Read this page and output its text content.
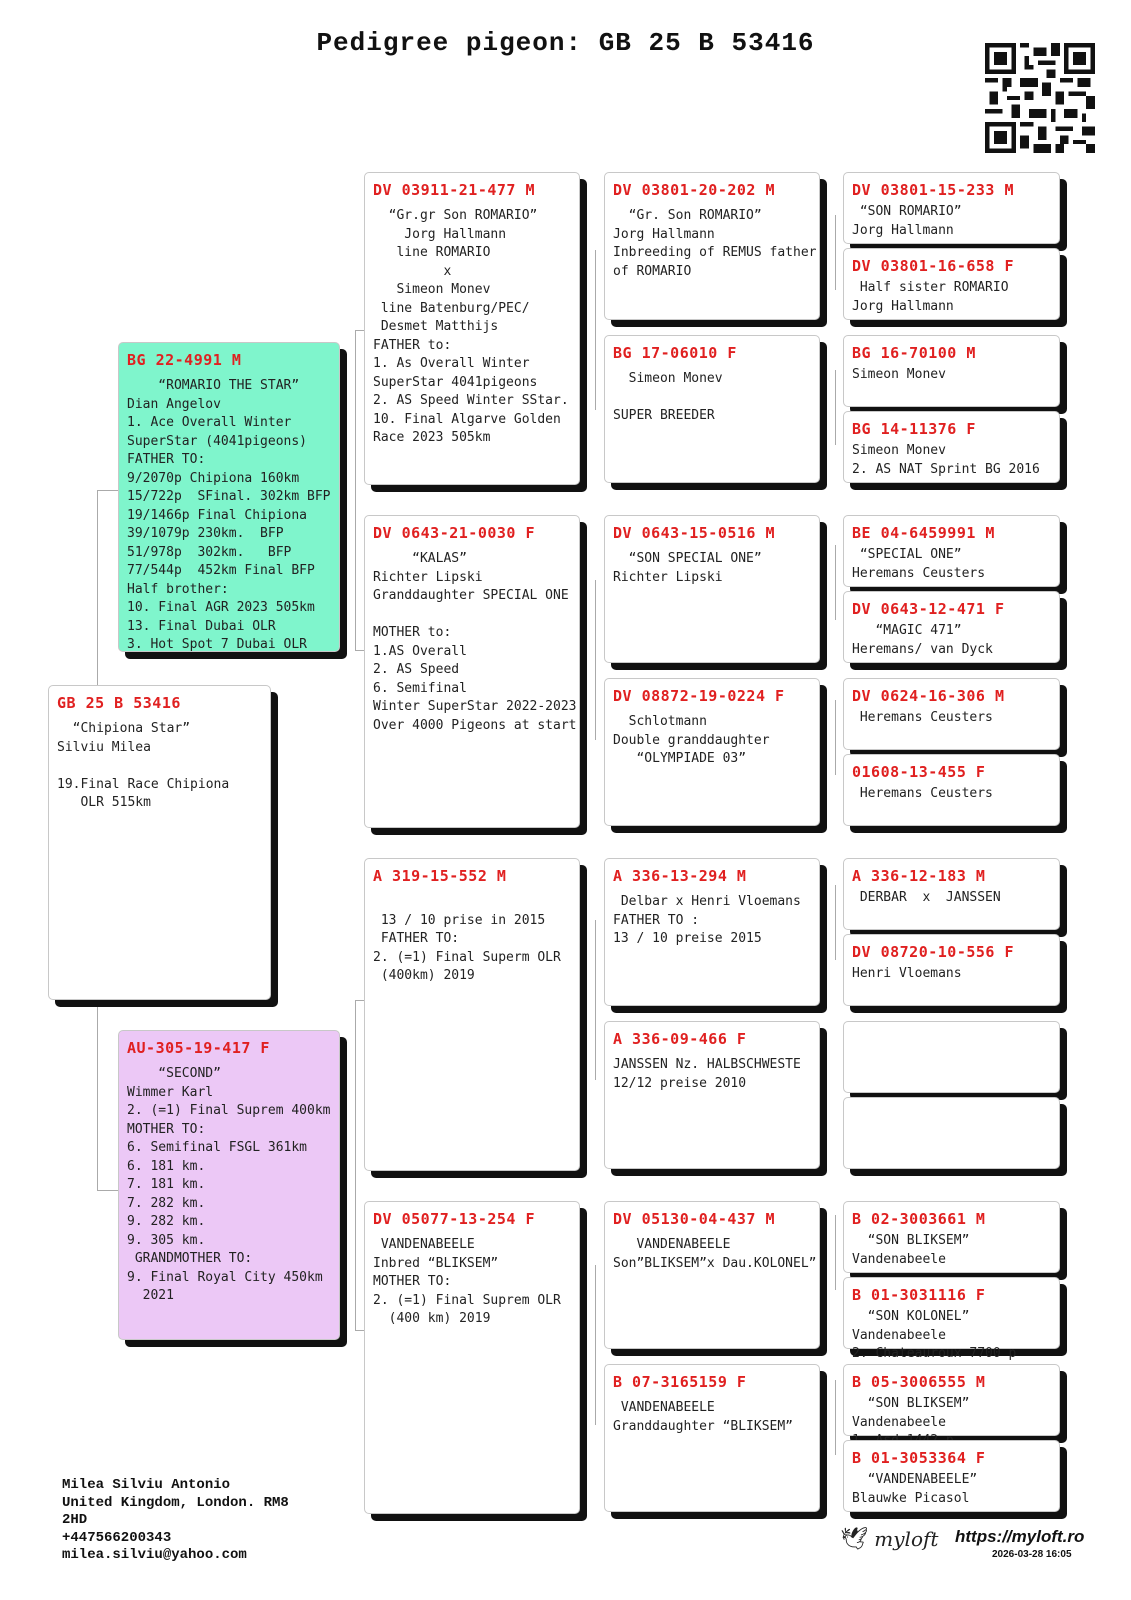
Pedigree pigeon: GB 25 B 53416
GB 25 B 53416
“Chipiona Star”
Silviu Milea

19.Final Race Chipiona
OLR 515km
BG 22-4991 M
“ROMARIO THE STAR”
Dian Angelov
1. Ace Overall Winter
SuperStar (4041pigeons)
FATHER TO:
9/2070p Chipiona 160km
15/722p  SFinal. 302km BFP
19/1466p Final Chipiona
39/1079p 230km.  BFP
51/978p  302km.   BFP
77/544p  452km Final BFP
Half brother:
10. Final AGR 2023 505km
13. Final Dubai OLR
3. Hot Spot 7 Dubai OLR
AU-305-19-417 F
“SECOND”
Wimmer Karl
2. (=1) Final Suprem 400km
MOTHER TO:
6. Semifinal FSGL 361km
6. 181 km.
7. 181 km.
7. 282 km.
9. 282 km.
9. 305 km.
GRANDMOTHER TO:
9. Final Royal City 450km
2021
DV 03911-21-477 M
“Gr.gr Son ROMARIO”
Jorg Hallmann
line ROMARIO
x
Simeon Monev
line Batenburg/PEC/
Desmet Matthijs
FATHER to:
1. As Overall Winter
SuperStar 4041pigeons
2. AS Speed Winter SStar.
10. Final Algarve Golden
Race 2023 505km
DV 0643-21-0030 F
“KALAS”
Richter Lipski
Granddaughter SPECIAL ONE

MOTHER to:
1.AS Overall
2. AS Speed
6. Semifinal
Winter SuperStar 2022-2023
Over 4000 Pigeons at start
A 319-15-552 M

13 / 10 prise in 2015
FATHER TO:
2. (=1) Final Superm OLR
(400km) 2019
DV 05077-13-254 F
VANDENABEELE
Inbred “BLIKSEM”
MOTHER TO:
2. (=1) Final Suprem OLR
(400 km) 2019
DV 03801-20-202 M
“Gr. Son ROMARIO”
Jorg Hallmann
Inbreeding of REMUS father
of ROMARIO
BG 17-06010 F
Simeon Monev

SUPER BREEDER
DV 0643-15-0516 M
“SON SPECIAL ONE”
Richter Lipski
DV 08872-19-0224 F
Schlotmann
Double granddaughter
“OLYMPIADE 03”
A 336-13-294 M
Delbar x Henri Vloemans
FATHER TO :
13 / 10 preise 2015
A 336-09-466 F
JANSSEN Nz. HALBSCHWESTE
12/12 preise 2010
DV 05130-04-437 M
VANDENABEELE
Son”BLIKSEM”x Dau.KOLONEL”
B 07-3165159 F
VANDENABEELE
Granddaughter “BLIKSEM”
DV 03801-15-233 M
“SON ROMARIO”
Jorg Hallmann
DV 03801-16-658 F
Half sister ROMARIO
Jorg Hallmann
BG 16-70100 M
Simeon Monev
BG 14-11376 F
Simeon Monev
2. AS NAT Sprint BG 2016
BE 04-6459991 M
“SPECIAL ONE”
Heremans Ceusters
DV 0643-12-471 F
“MAGIC 471”
Heremans/ van Dyck
DV 0624-16-306 M
Heremans Ceusters
01608-13-455 F
Heremans Ceusters
A 336-12-183 M
DERBAR  x  JANSSEN
DV 08720-10-556 F
Henri Vloemans
B 02-3003661 M
“SON BLIKSEM”
Vandenabeele
B 01-3031116 F
“SON KOLONEL”
Vandenabeele
2. Chateauroux 7700 p
B 05-3006555 M
“SON BLIKSEM”
Vandenabeele

B 01-3053364 F
“VANDENABEELE”
Blauwke Picasol
Milea Silviu Antonio
United Kingdom, London. RM8
2HD
+447566200343
milea.silviu@yahoo.com
🕊 myloft https://myloft.ro
2026-03-28 16:05
